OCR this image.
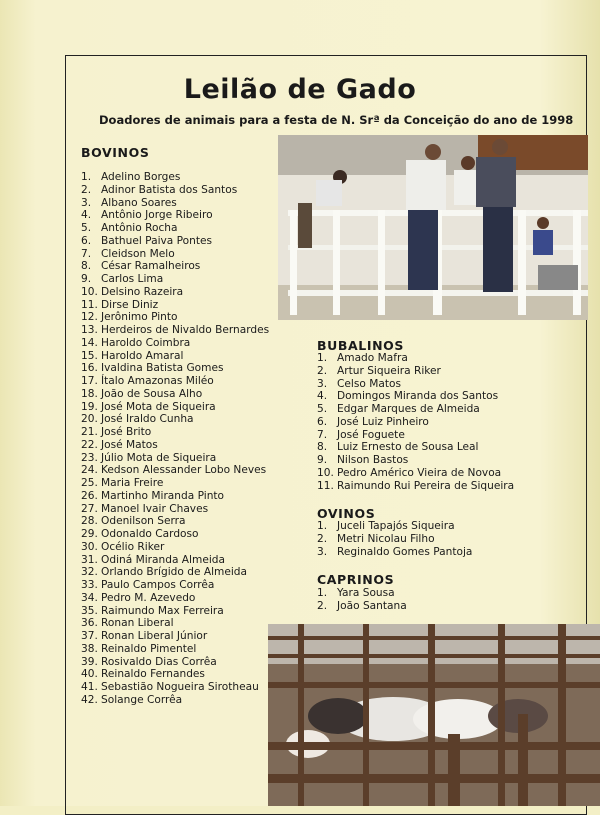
Leilão de Gado

Doadores de animais para a festa de N. Srª da Conceição do ano de 1998

BOVINOS
1. Adelino Borges
2. Adinor Batista dos Santos
3. Albano Soares
4. Antônio Jorge Ribeiro
5. Antônio Rocha
6. Bathuel Paiva Pontes
7. Cleidson Melo
8. César Ramalheiros
9. Carlos Lima
10. Delsino Razeira
11. Dirse Diniz
12. Jerônimo Pinto
13. Herdeiros de Nivaldo Bernardes
14. Haroldo Coimbra
15. Haroldo Amaral
16. Ivaldina Batista Gomes
17. Ítalo Amazonas Miléo
18. João de Sousa Alho
19. José Mota de Siqueira
20. José Iraldo Cunha
21. José Brito
22. José Matos
23. Júlio Mota de Siqueira
24. Kedson Alessander Lobo Neves
25. Maria Freire
26. Martinho Miranda Pinto
27. Manoel Ivair Chaves
28. Odenilson Serra
29. Odonaldo Cardoso
30. Océlio Riker
31. Odiná Miranda Almeida
32. Orlando Brígido de Almeida
33. Paulo Campos Corrêa
34. Pedro M. Azevedo
35. Raimundo Max Ferreira
36. Ronan Liberal
37. Ronan Liberal Júnior
38. Reinaldo Pimentel
39. Rosivaldo Dias Corrêa
40. Reinaldo Fernandes
41. Sebastião Nogueira Sirotheau
42. Solange Corrêa
BUBALINOS
1. Amado Mafra
2. Artur Siqueira Riker
3. Celso Matos
4. Domingos Miranda dos Santos
5. Edgar Marques de Almeida
6. José Luiz Pinheiro
7. José Foguete
8. Luiz Ernesto de Sousa Leal
9. Nilson Bastos
10. Pedro Américo Vieira de Novoa
11. Raimundo Rui Pereira de Siqueira
OVINOS
1. Juceli Tapajós Siqueira
2. Metri Nicolau Filho
3. Reginaldo Gomes Pantoja
CAPRINOS
1. Yara Sousa
2. João Santana
